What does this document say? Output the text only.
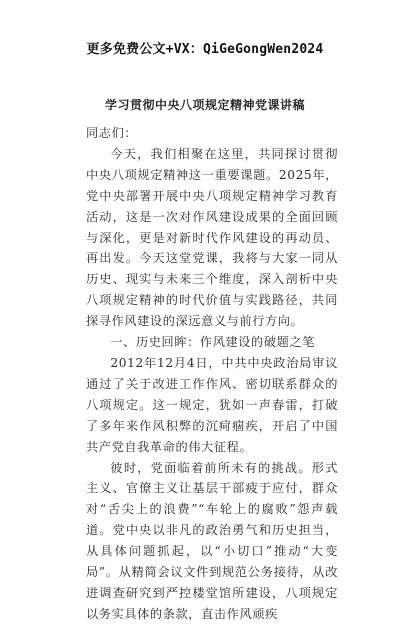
更多免费公文+VX：QiGeGongWen2024
学习贯彻中央八项规定精神党课讲稿

同志们：

今天，我们相聚在这里，共同探讨贯彻中央八项规定精神这一重要课题。2025年，党中央部署开展中央八项规定精神学习教育活动，这是一次对作风建设成果的全面回顾与深化，更是对新时代作风建设的再动员、再出发。今天这堂党课，我将与大家一同从历史、现实与未来三个维度，深入剖析中央八项规定精神的时代价值与实践路径，共同探寻作风建设的深远意义与前行方向。

一、历史回眸：作风建设的破题之笔

2012年12月4日，中共中央政治局审议通过了关于改进工作作风、密切联系群众的八项规定。这一规定，犹如一声春雷，打破了多年来作风积弊的沉疴痼疾，开启了中国共产党自我革命的伟大征程。

彼时，党面临着前所未有的挑战。形式主义、官僚主义让基层干部疲于应付，群众对“舌尖上的浪费”“车轮上的腐败”怨声载道。党中央以非凡的政治勇气和历史担当，从具体问题抓起，以“小切口”推动“大变局”。从精简会议文件到规范公务接待，从改进调查研究到严控楼堂馆所建设，八项规定以务实具体的条款，直击作风顽疾
